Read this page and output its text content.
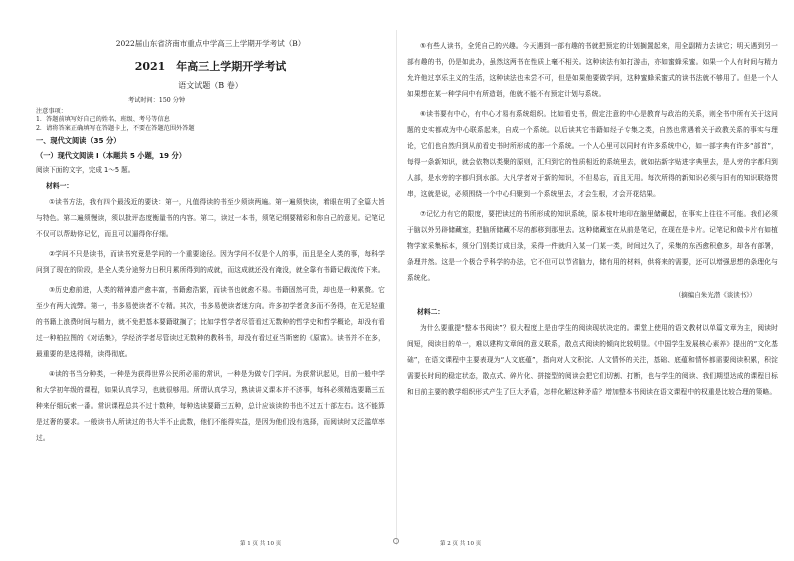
2022届山东省济南市重点中学高三上学期开学考试（B）
2021　年高三上学期开学考试
语文试题（B 卷）
考试时间：150 分钟
注意事项：
1．答题前填写好自己的姓名、班级、考号等信息
2．请将答案正确填写在答题卡上，不要在答题范围外答题
一、现代文阅读（35 分）
（一）现代文阅读 I（本题共 5 小题，19 分）
阅读下面的文字，完成 1～5 题。
材料一：

①读书方法，我有四个最浅近的要诀：第一，凡值得读的书至少须读两遍。第一遍须快读，着眼在明了全篇大旨与特色。第二遍须慢读，须以批评态度衡量书的内容。第二，读过一本书，须笔记纲要精彩和你自己的意见。记笔记不仅可以帮助你记忆，而且可以逼得你仔细。

②学问不只是读书，而读书究竟是学问的一个重要途径。因为学问不仅是个人的事，而且是全人类的事，每科学问到了现在的阶段，是全人类分途努力日积月累所得到的成就，而这成就还没有淹没，就全靠有书籍记载流传下来。

③历史愈前进，人类的精神遗产愈丰富，书籍愈浩繁，而读书也就愈不易。书籍固然可贵，却也是一种累赘。它至少有两大流弊。第一，书多易使读者不专精。其次，书多易使读者迷方向。许多初学者贪多而不务得，在无足轻重的书籍上浪费时间与精力，就不免把基本要籍耽搁了；比如学哲学者尽管看过无数种的哲学史和哲学概论，却没有看过一种柏拉图的《对话集》，学经济学者尽管读过无数种的教科书，却没有看过亚当斯密的《原富》。读书并不在多，最重要的是选得精，读得彻底。

④读的书当分种类，一种是为获得世界公民所必需的常识，一种是为做专门学问。为获常识起见，目前一般中学和大学初年级的课程，如果认真学习，也就很够用。所谓认真学习，熟读讲义课本并不济事，每科必须精选要籍三五种来仔细玩索一番。常识课程总共不过十数种，每种选读要籍三五种，总计应该读的书也不过五十部左右。这不能算是过奢的要求。一般读书人所读过的书大半不止此数，他们不能得实益，是因为他们没有选择，而阅读时又泛滥草率过。

⑤有些人读书，全凭自己的兴趣。今天遇到一部有趣的书就把预定的计划搁置起来，用全副精力去读它；明天遇到另一部有趣的书，仍是如此办，虽然这两书在性质上毫不相关。这种读法有如打游击，亦如蜜蜂采蜜。如果一个人有时间与精力允许他过享乐主义的生活，这种读法也未尝不可，但是如果他要做学问，这种蜜蜂采蜜式的读书法就不够用了。但是一个人如果想在某一种学问中有所造诣，他就不能不有预定计划与系统。

⑥读书要有中心，有中心才易有系统组织。比如看史书，假定注意的中心是教育与政治的关系，则全书中所有关于这问题的史实都成为中心联系起来，自成一个系统。以后读其它书籍如经子专集之类，自然也常遇着关于政教关系的事实与理论，它们也自然归到从前看史书时所形成的那一个系统。一个人心里可以同时有许多系统中心，如一部字典有许多“部首”，每得一条新知识，就会依物以类聚的原则，汇归到它的性质相近的系统里去，就如拈新字贴进字典里去，是人旁的字都归到人部，是水旁的字都归到水部。大凡学者对于新的知识，不但易忘，而且无用。每次所得的新知识必须与旧有的知识联络贯串，这就是说，必须围绕一个中心归聚到一个系统里去，才会生根，才会开花结果。

⑦记忆力有它的限度，要把读过的书所形成的知识系统，原本枝叶地印在脑里储藏起，在事实上往往不可能。我们必须于脑以外另辟储藏室，把脑所储藏不尽的都移到那里去。这种储藏室在从前是笔记，在现在是卡片。记笔记和做卡片有如植物学家采集标本，须分门别类订成目录，采得一件就归入某一门某一类，时间过久了，采集的东西愈积愈多，却各有部署，条理井然。这是一个极合乎科学的办法，它不但可以节省脑力，储有用的材料，供将来的需要，还可以增强思想的条理化与系统化。

（摘编自朱光潜《谈读书》）
材料二：

为什么要重提“整本书阅读”？很大程度上是由学生的阅读现状决定的。课堂上使用的语文教材以单篇文章为主，阅读时间短，阅读目的单一，难以建构文章间的意义联系，散点式阅读的倾向比较明显。《中国学生发展核心素养》提出的“文化基础”，在语文课程中主要表现为“人文底蕴”，指向对人文积淀、人文情怀的关注，基础、底蕴和情怀都需要阅读积累，积淀需要长时间的稳定状态，散点式、碎片化、拼接型的阅读会把它们切割、打断，也与学生的阅读、我们期望达成的课程目标和目前主要的教学组织形式产生了巨大矛盾，怎样化解这种矛盾？增加整本书阅读在语文课程中的权重是比较合理的策略。

第 1 页 共 10 页	第 2 页 共 10 页
